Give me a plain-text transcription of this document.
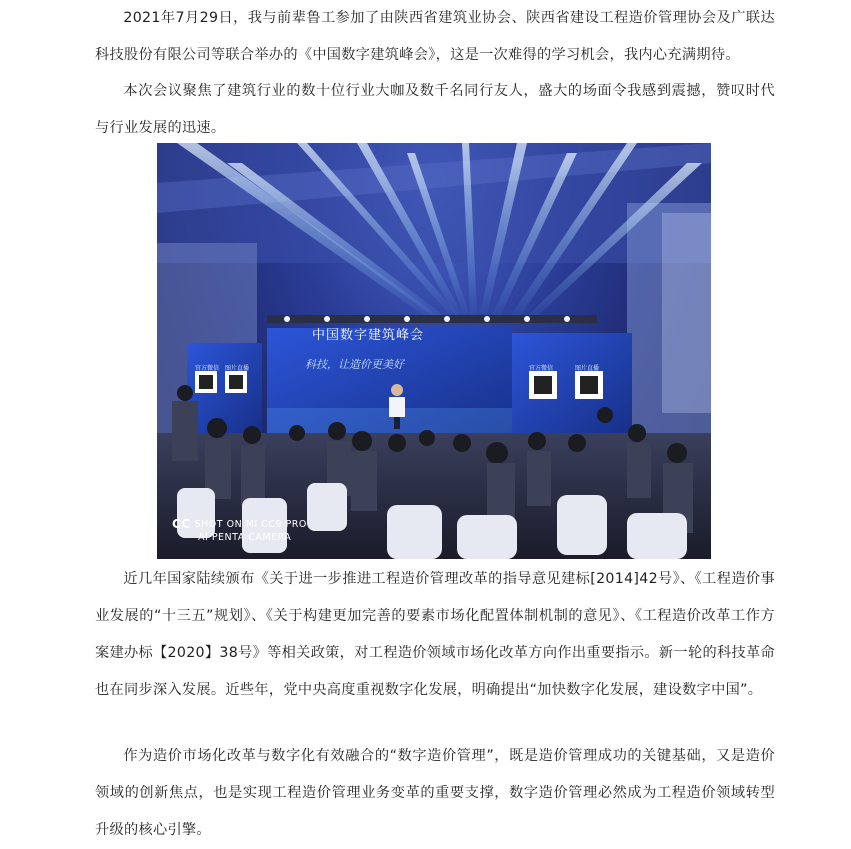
2021年7月29日，我与前辈鲁工参加了由陕西省建筑业协会、陕西省建设工程造价管理协会及广联达科技股份有限公司等联合举办的《中国数字建筑峰会》，这是一次难得的学习机会，我内心充满期待。

本次会议聚焦了建筑行业的数十位行业大咖及数千名同行友人，盛大的场面令我感到震撼，赞叹时代与行业发展的迅速。

中国数字建筑峰会
科技，让造价更美好
官方微信 图片直播	官方微信	图片直播
CC SHOT ON MI CC9 PRO
AI PENTA CAMERA

近几年国家陆续颁布《关于进一步推进工程造价管理改革的指导意见建标[2014]42号》、《工程造价事业发展的“十三五”规划》、《关于构建更加完善的要素市场化配置体制机制的意见》、《工程造价改革工作方案建办标【2020】38号》等相关政策，对工程造价领域市场化改革方向作出重要指示。新一轮的科技革命也在同步深入发展。近些年，党中央高度重视数字化发展，明确提出“加快数字化发展，建设数字中国”。

作为造价市场化改革与数字化有效融合的“数字造价管理”，既是造价管理成功的关键基础，又是造价领域的创新焦点，也是实现工程造价管理业务变革的重要支撑，数字造价管理必然成为工程造价领域转型升级的核心引擎。
